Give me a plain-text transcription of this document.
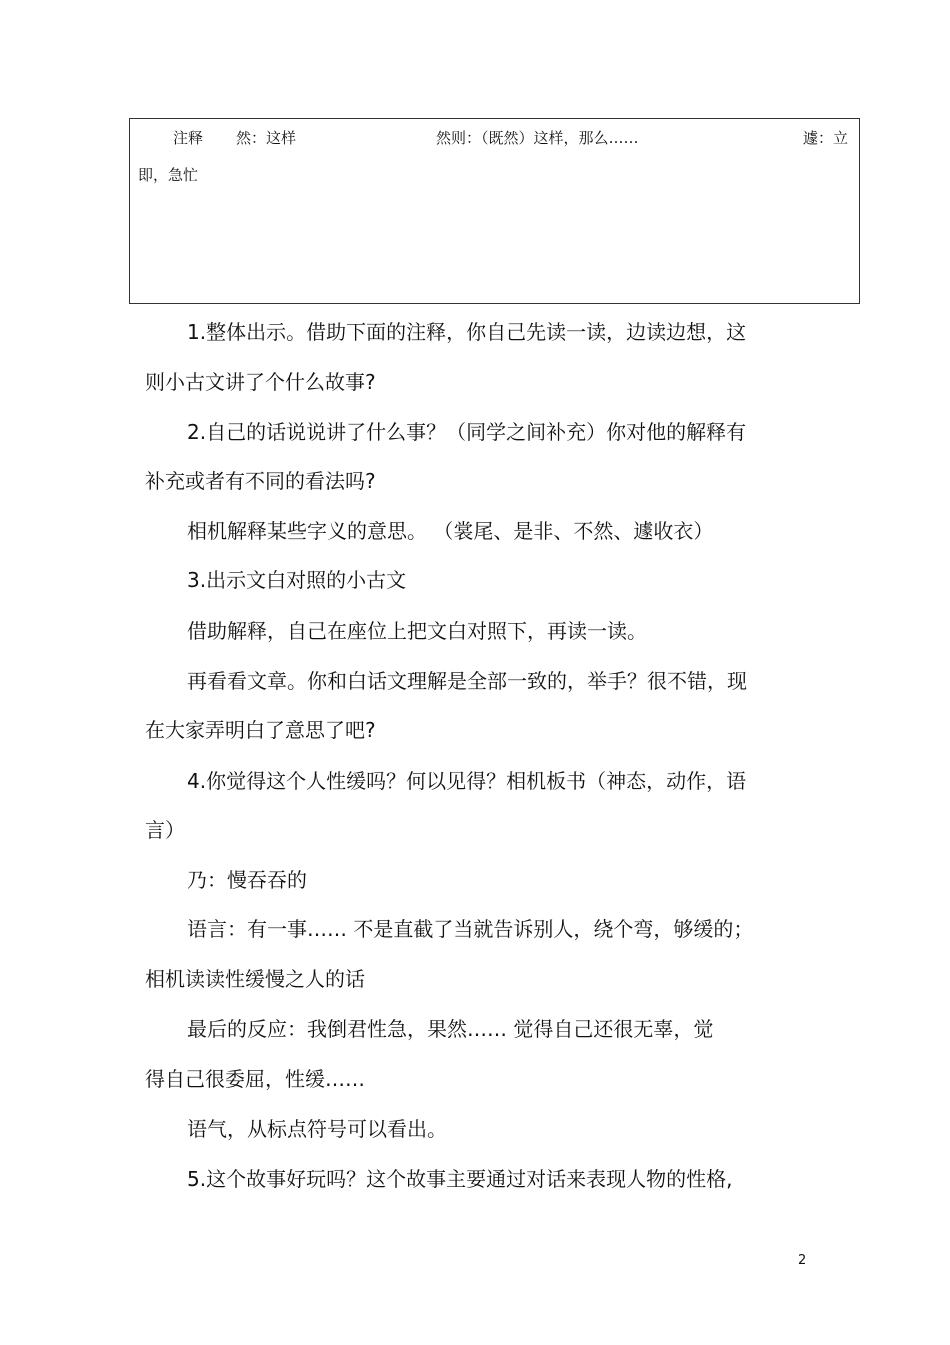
注释 然：这样	然则：（既然）这样，那么……	遽：立
即，急忙
1.整体出示。借助下面的注释，你自己先读一读，边读边想，这
则小古文讲了个什么故事?
2.自己的话说说讲了什么事？（同学之间补充）你对他的解释有
补充或者有不同的看法吗?
相机解释某些字义的意思。 （裳尾、是非、不然、遽收衣）
3.出示文白对照的小古文
借助解释，自己在座位上把文白对照下，再读一读。
再看看文章。你和白话文理解是全部一致的，举手？很不错，现
在大家弄明白了意思了吧?
4.你觉得这个人性缓吗？何以见得？相机板书（神态，动作，语
言）
乃：慢吞吞的
语言：有一事…… 不是直截了当就告诉别人，绕个弯，够缓的；
相机读读性缓慢之人的话
最后的反应：我倒君性急，果然…… 觉得自己还很无辜，觉
得自己很委屈，性缓……
语气，从标点符号可以看出。
5.这个故事好玩吗？这个故事主要通过对话来表现人物的性格,
2
